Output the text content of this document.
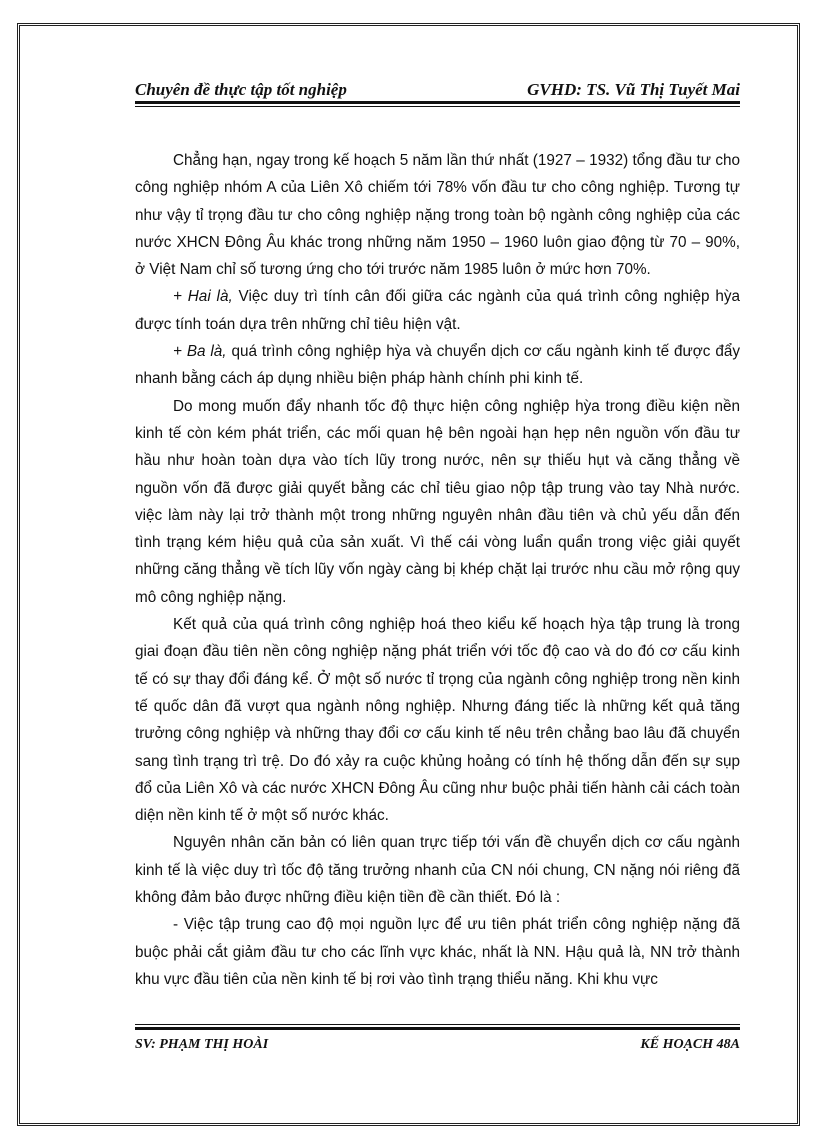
Chuyên đề thực tập tốt nghiệp	GVHD: TS. Vũ Thị Tuyết Mai

Chẳng hạn, ngay trong kế hoạch 5 năm lần thứ nhất (1927 – 1932) tổng đầu tư cho công nghiệp nhóm A của Liên Xô chiếm tới 78% vốn đầu tư cho công nghiệp. Tương tự như vậy tỉ trọng đầu tư cho công nghiệp nặng trong toàn bộ ngành công nghiệp của các nước XHCN Đông Âu khác trong những năm 1950 – 1960 luôn giao động từ 70 – 90%, ở Việt Nam chỉ số tương ứng cho tới trước năm 1985 luôn ở mức hơn 70%.

+ Hai là, Việc duy trì tính cân đối giữa các ngành của quá trình công nghiệp hỳa được tính toán dựa trên những chỉ tiêu hiện vật.

+ Ba là, quá trình công nghiệp hỳa và chuyển dịch cơ cấu ngành kinh tế được đẩy nhanh bằng cách áp dụng nhiều biện pháp hành chính phi kinh tế.

Do mong muốn đẩy nhanh tốc độ thực hiện công nghiệp hỳa trong điều kiện nền kinh tế còn kém phát triển, các mối quan hệ bên ngoài hạn hẹp nên nguồn vốn đầu tư hầu như hoàn toàn dựa vào tích lũy trong nước, nên sự thiếu hụt và căng thẳng về nguồn vốn đã được giải quyết bằng các chỉ tiêu giao nộp tập trung vào tay Nhà nước. việc làm này lại trở thành một trong những nguyên nhân đầu tiên và chủ yếu dẫn đến tình trạng kém hiệu quả của sản xuất. Vì thế cái vòng luẩn quẩn trong việc giải quyết những căng thẳng về tích lũy vốn ngày càng bị khép chặt lại trước nhu cầu mở rộng quy mô công nghiệp nặng.

Kết quả của quá trình công nghiệp hoá theo kiểu kế hoạch hỳa tập trung là trong giai đoạn đầu tiên nền công nghiệp nặng phát triển với tốc độ cao và do đó cơ cấu kinh tế có sự thay đổi đáng kể. Ở một số nước tỉ trọng của ngành công nghiệp trong nền kinh tế quốc dân đã vượt qua ngành nông nghiệp. Nhưng đáng tiếc là những kết quả tăng trưởng công nghiệp và những thay đổi cơ cấu kinh tế nêu trên chẳng bao lâu đã chuyển sang tình trạng trì trệ. Do đó xảy ra cuộc khủng hoảng có tính hệ thống dẫn đến sự sụp đổ của Liên Xô và các nước XHCN Đông Âu cũng như buộc phải tiến hành cải cách toàn diện nền kinh tế ở một số nước khác.

Nguyên nhân căn bản có liên quan trực tiếp tới vấn đề chuyển dịch cơ cấu ngành kinh tế là việc duy trì tốc độ tăng trưởng nhanh của CN nói chung, CN nặng nói riêng đã không đảm bảo được những điều kiện tiền đề cần thiết. Đó là :

- Việc tập trung cao độ mọi nguồn lực để ưu tiên phát triển công nghiệp nặng đã buộc phải cắt giảm đầu tư cho các lĩnh vực khác, nhất là NN. Hậu quả là, NN trở thành khu vực đầu tiên của nền kinh tế bị rơi vào tình trạng thiểu năng. Khi khu vực

SV: PHẠM THỊ HOÀI	KẾ HOẠCH 48A
